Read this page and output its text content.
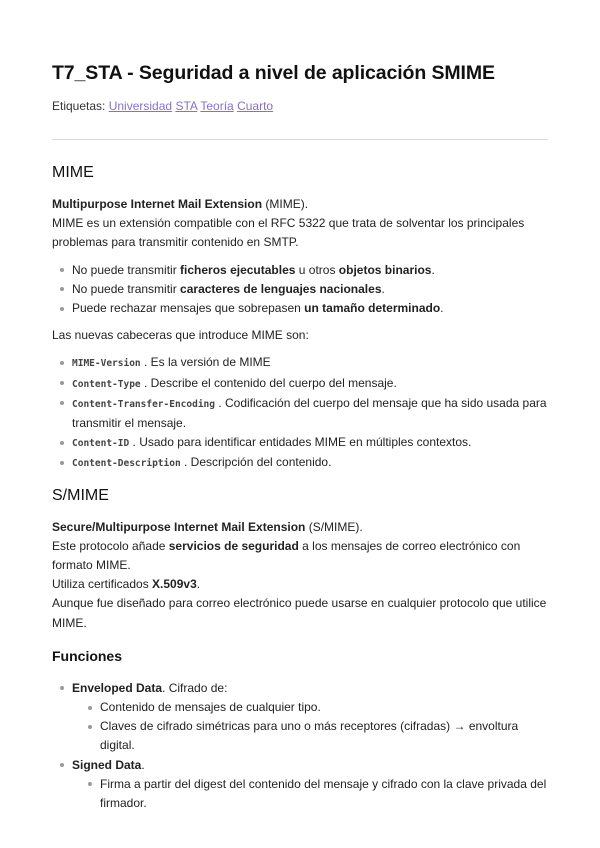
T7_STA - Seguridad a nivel de aplicación SMIME
Etiquetas: Universidad STA Teoría Cuarto
MIME

Multipurpose Internet Mail Extension (MIME).

MIME es un extensión compatible con el RFC 5322 que trata de solventar los principales problemas para transmitir contenido en SMTP.

No puede transmitir ficheros ejecutables u otros objetos binarios.
No puede transmitir caracteres de lenguajes nacionales.
Puede rechazar mensajes que sobrepasen un tamaño determinado.

Las nuevas cabeceras que introduce MIME son:

MIME-Version . Es la versión de MIME
Content-Type . Describe el contenido del cuerpo del mensaje.
Content-Transfer-Encoding . Codificación del cuerpo del mensaje que ha sido usada para transmitir el mensaje.
Content-ID . Usado para identificar entidades MIME en múltiples contextos.
Content-Description . Descripción del contenido.
S/MIME

Secure/Multipurpose Internet Mail Extension (S/MIME).

Este protocolo añade servicios de seguridad a los mensajes de correo electrónico con formato MIME.

Utiliza certificados X.509v3.

Aunque fue diseñado para correo electrónico puede usarse en cualquier protocolo que utilice MIME.

Funciones
Enveloped Data. Cifrado de:
Contenido de mensajes de cualquier tipo.
Claves de cifrado simétricas para uno o más receptores (cifradas) → envoltura digital.
Signed Data.
Firma a partir del digest del contenido del mensaje y cifrado con la clave privada del firmador.
